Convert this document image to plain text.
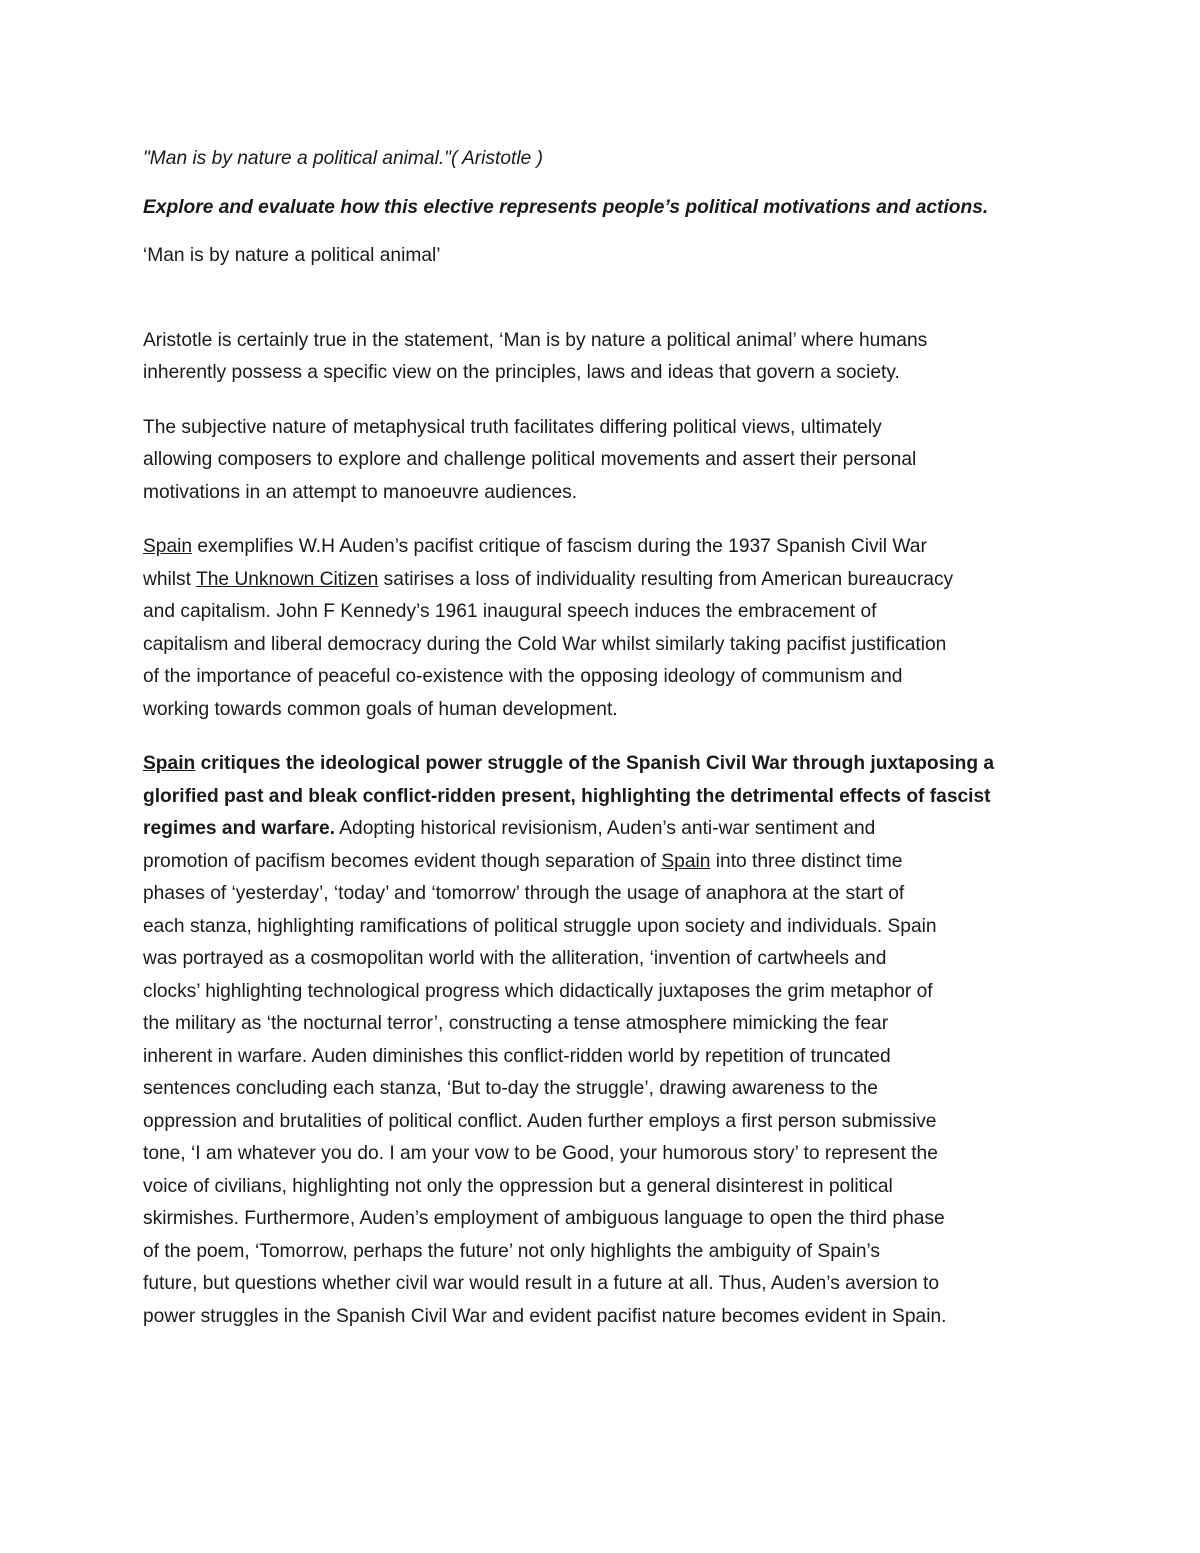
"Man is by nature a political animal."( Aristotle )
Explore and evaluate how this elective represents people’s political motivations and actions.
‘Man is by nature a political animal’
Aristotle is certainly true in the statement, ‘Man is by nature a political animal’ where humans
inherently possess a specific view on the principles, laws and ideas that govern a society.
The subjective nature of metaphysical truth facilitates differing political views, ultimately
allowing composers to explore and challenge political movements and assert their personal
motivations in an attempt to manoeuvre audiences.
Spain exemplifies W.H Auden’s pacifist critique of fascism during the 1937 Spanish Civil War
whilst The Unknown Citizen satirises a loss of individuality resulting from American bureaucracy
and capitalism. John F Kennedy’s 1961 inaugural speech induces the embracement of
capitalism and liberal democracy during the Cold War whilst similarly taking pacifist justification
of the importance of peaceful co-existence with the opposing ideology of communism and
working towards common goals of human development.
Spain critiques the ideological power struggle of the Spanish Civil War through juxtaposing a
glorified past and bleak conflict-ridden present, highlighting the detrimental effects of fascist
regimes and warfare. Adopting historical revisionism, Auden’s anti-war sentiment and
promotion of pacifism becomes evident though separation of Spain into three distinct time
phases of ‘yesterday’, ‘today’ and ‘tomorrow’ through the usage of anaphora at the start of
each stanza, highlighting ramifications of political struggle upon society and individuals. Spain
was portrayed as a cosmopolitan world with the alliteration, ‘invention of cartwheels and
clocks’ highlighting technological progress which didactically juxtaposes the grim metaphor of
the military as ‘the nocturnal terror’, constructing a tense atmosphere mimicking the fear
inherent in warfare. Auden diminishes this conflict-ridden world by repetition of truncated
sentences concluding each stanza, ‘But to-day the struggle’, drawing awareness to the
oppression and brutalities of political conflict. Auden further employs a first person submissive
tone, ‘I am whatever you do. I am your vow to be Good, your humorous story’ to represent the
voice of civilians, highlighting not only the oppression but a general disinterest in political
skirmishes. Furthermore, Auden’s employment of ambiguous language to open the third phase
of the poem, ‘Tomorrow, perhaps the future’ not only highlights the ambiguity of Spain’s
future, but questions whether civil war would result in a future at all. Thus, Auden’s aversion to
power struggles in the Spanish Civil War and evident pacifist nature becomes evident in Spain.
